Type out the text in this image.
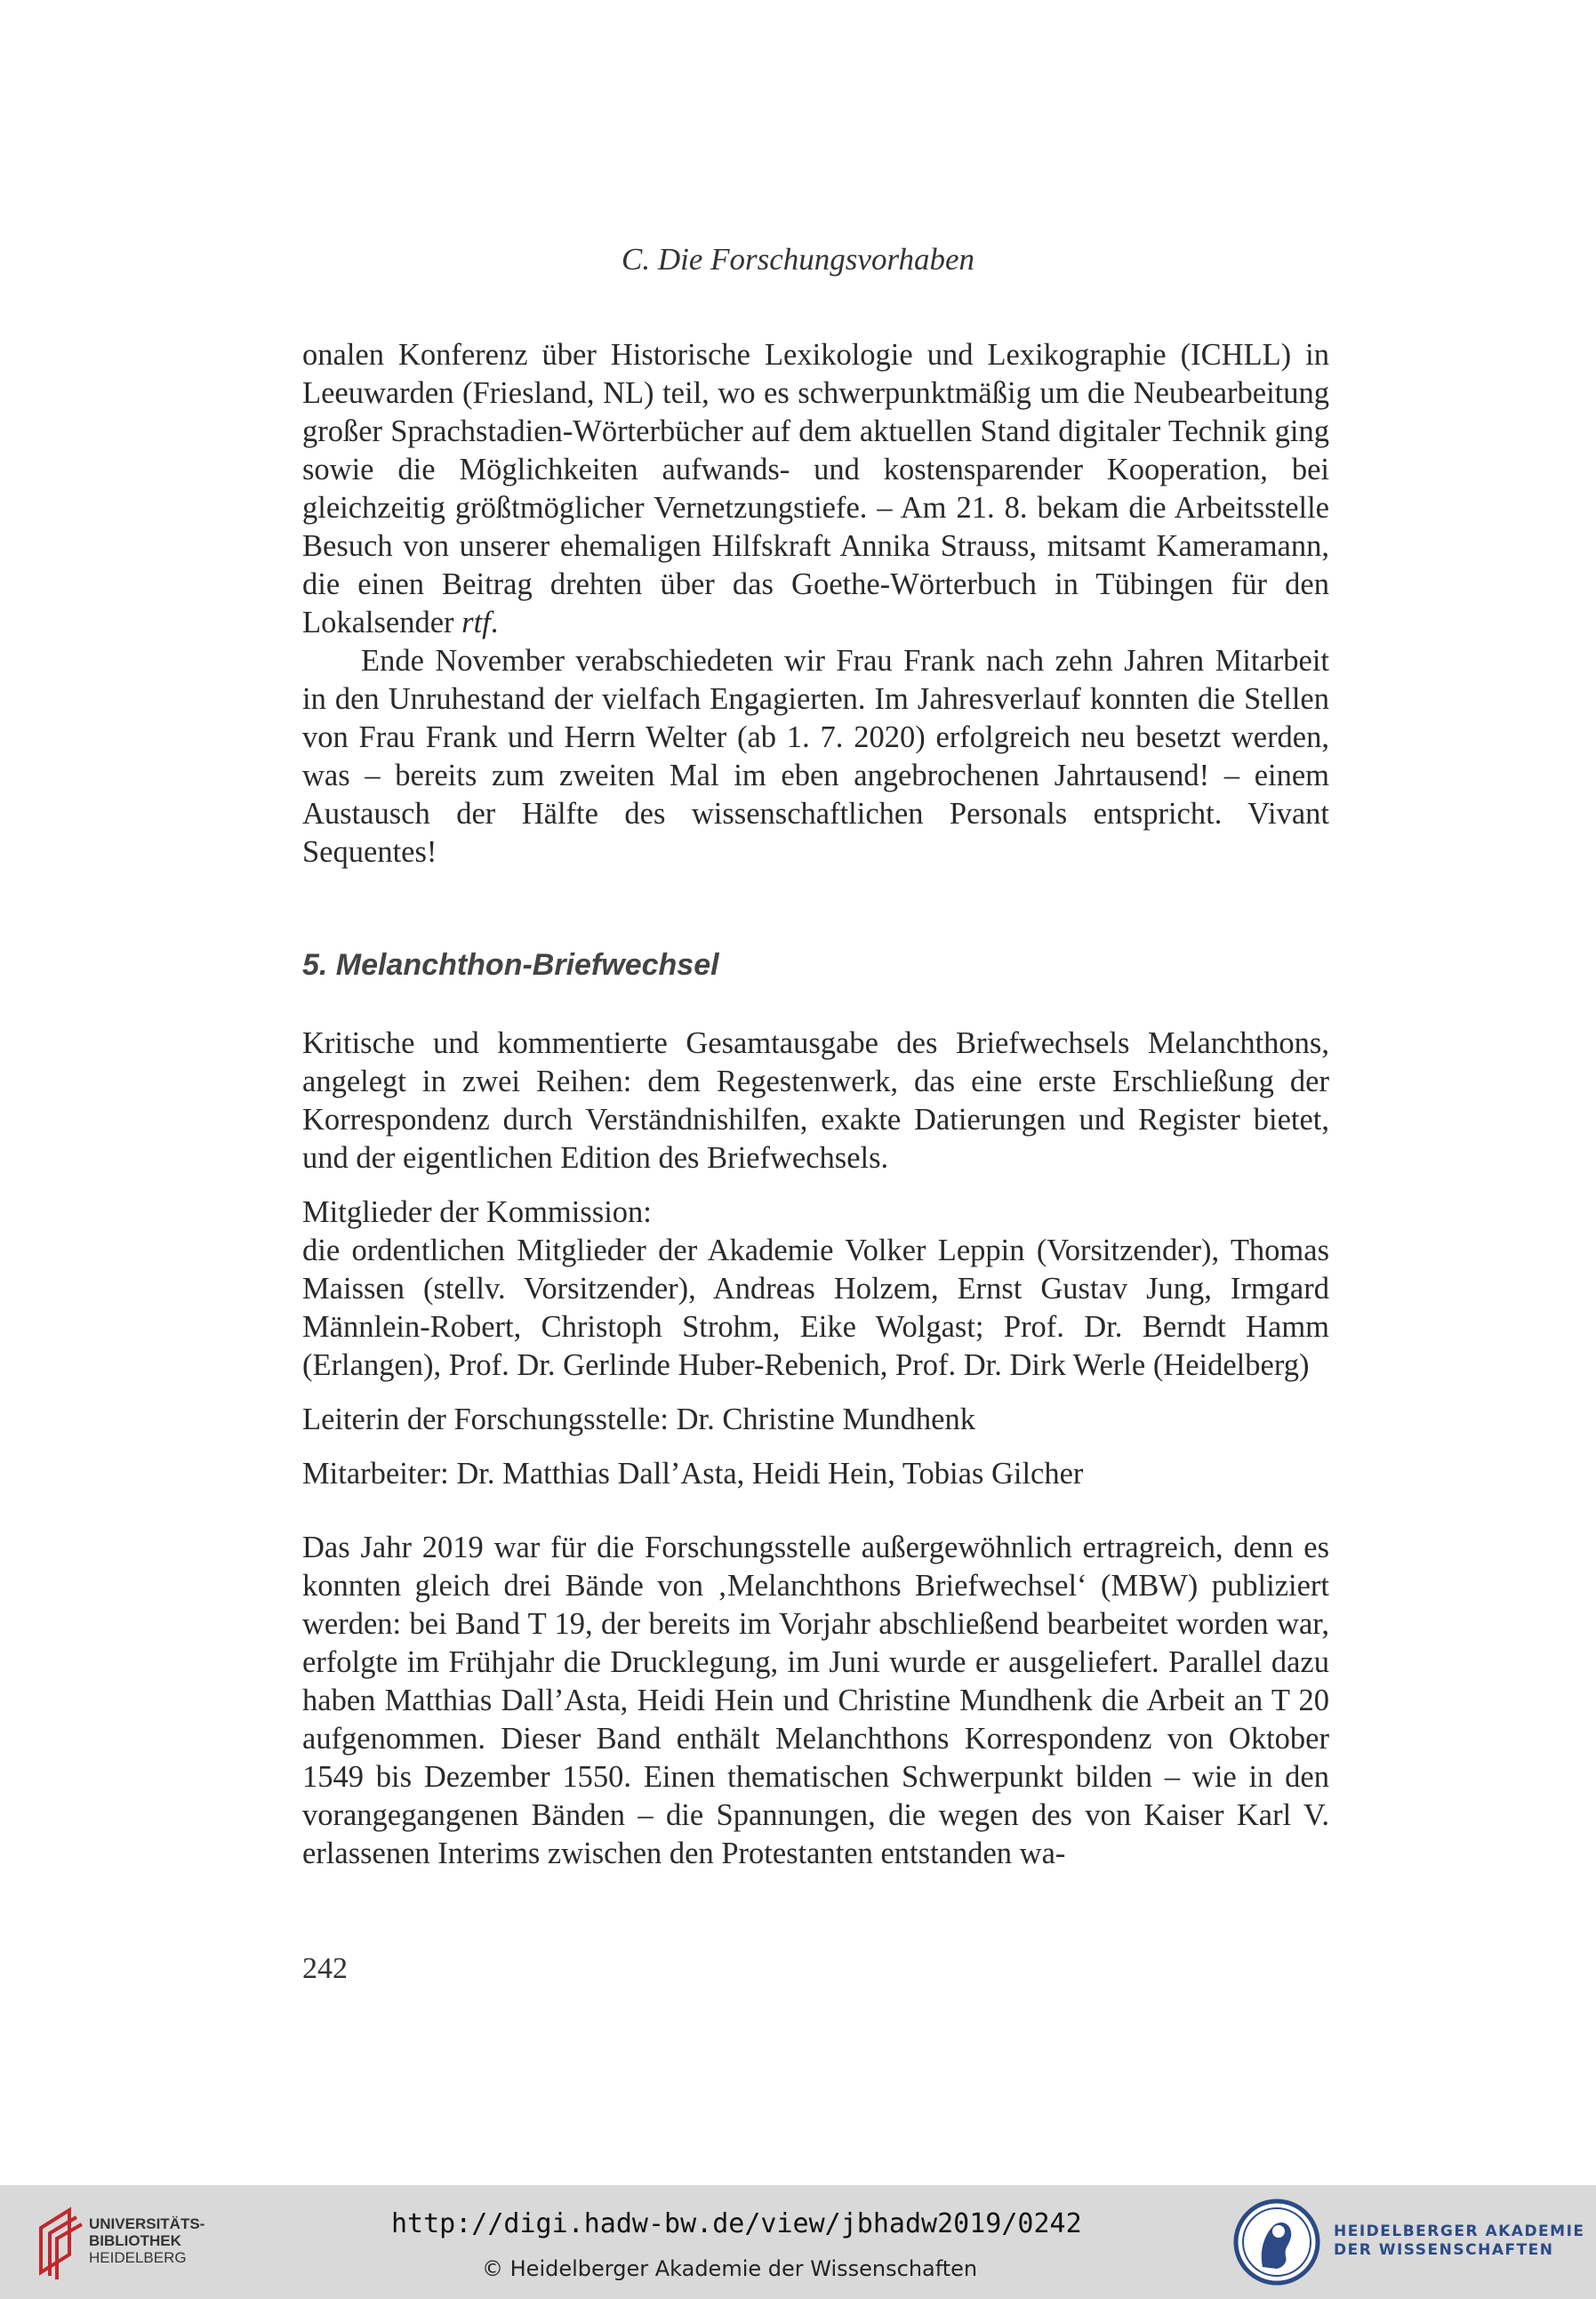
C. Die Forschungsvorhaben

onalen Konferenz über Historische Lexikologie und Lexikographie (ICHLL) in Leeuwarden (Friesland, NL) teil, wo es schwerpunktmäßig um die Neubearbeitung großer Sprachstadien-Wörterbücher auf dem aktuellen Stand digitaler Technik ging sowie die Möglichkeiten aufwands- und kostensparender Kooperation, bei gleichzeitig größtmöglicher Vernetzungstiefe. – Am 21. 8. bekam die Arbeitsstelle Besuch von unserer ehemaligen Hilfskraft Annika Strauss, mitsamt Kameramann, die einen Beitrag drehten über das Goethe-Wörterbuch in Tübingen für den Lokalsender rtf.

Ende November verabschiedeten wir Frau Frank nach zehn Jahren Mitarbeit in den Unruhestand der vielfach Engagierten. Im Jahresverlauf konnten die Stellen von Frau Frank und Herrn Welter (ab 1. 7. 2020) erfolgreich neu besetzt werden, was – bereits zum zweiten Mal im eben angebrochenen Jahrtausend! – einem Austausch der Hälfte des wissenschaftlichen Personals entspricht. Vivant Sequentes!

5. Melanchthon-Briefwechsel

Kritische und kommentierte Gesamtausgabe des Briefwechsels Melanchthons, angelegt in zwei Reihen: dem Regestenwerk, das eine erste Erschließung der Korrespondenz durch Verständnishilfen, exakte Datierungen und Register bietet, und der eigentlichen Edition des Briefwechsels.

Mitglieder der Kommission:

die ordentlichen Mitglieder der Akademie Volker Leppin (Vorsitzender), Thomas Maissen (stellv. Vorsitzender), Andreas Holzem, Ernst Gustav Jung, Irmgard Männlein-Robert, Christoph Strohm, Eike Wolgast; Prof. Dr. Berndt Hamm (Erlangen), Prof. Dr. Gerlinde Huber-Rebenich, Prof. Dr. Dirk Werle (Heidelberg)

Leiterin der Forschungsstelle: Dr. Christine Mundhenk

Mitarbeiter: Dr. Matthias Dall’Asta, Heidi Hein, Tobias Gilcher

Das Jahr 2019 war für die Forschungsstelle außergewöhnlich ertragreich, denn es konnten gleich drei Bände von ‚Melanchthons Briefwechsel‘ (MBW) publiziert werden: bei Band T 19, der bereits im Vorjahr abschließend bearbeitet worden war, erfolgte im Frühjahr die Drucklegung, im Juni wurde er ausgeliefert. Parallel dazu haben Matthias Dall’Asta, Heidi Hein und Christine Mundhenk die Arbeit an T 20 aufgenommen. Dieser Band enthält Melanchthons Korrespondenz von Oktober 1549 bis Dezember 1550. Einen thematischen Schwerpunkt bilden – wie in den vorangegangenen Bänden – die Spannungen, die wegen des von Kaiser Karl V. erlassenen Interims zwischen den Protestanten entstanden wa-

242
UNIVERSITÄTS-
BIBLIOTHEK
HEIDELBERG
http://digi.hadw-bw.de/view/jbhadw2019/0242
© Heidelberger Akademie der Wissenschaften
HEIDELBERGER AKADEMIE
DER WISSENSCHAFTEN
